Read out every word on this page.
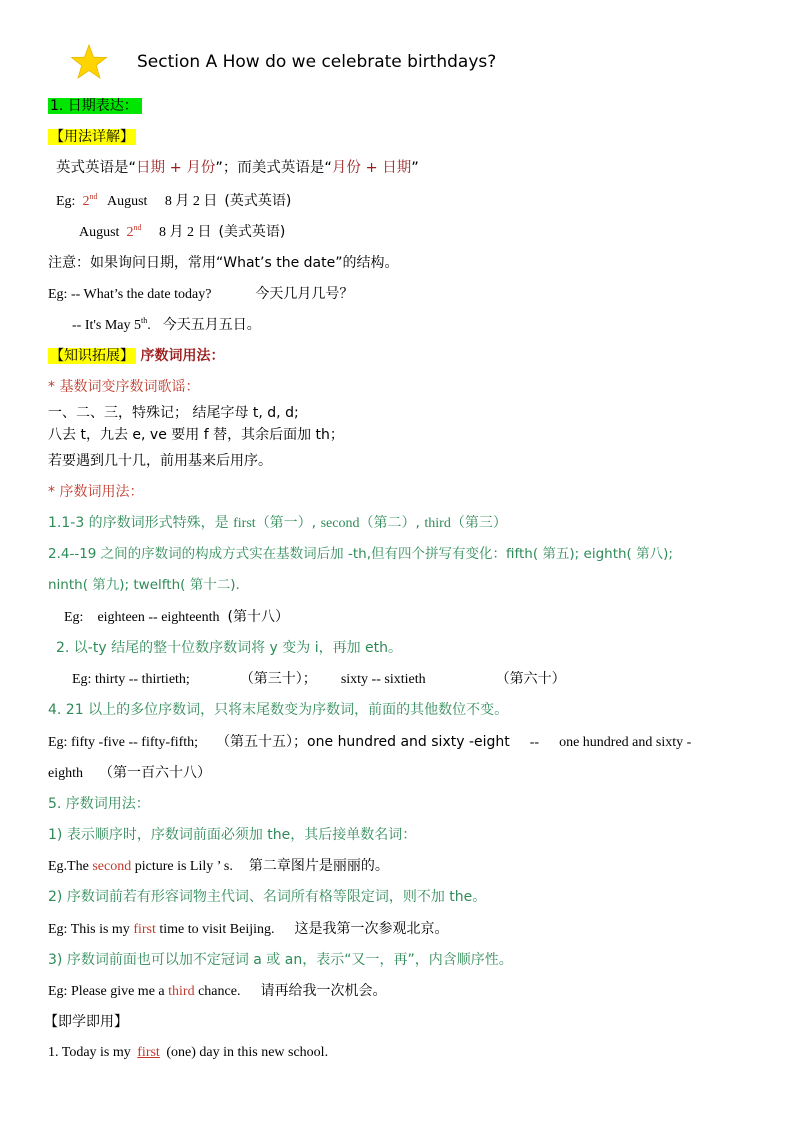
Section A How do we celebrate birthdays?
1. 日期表达：
【用法详解】
英式英语是“日期 + 月份”；而美式英语是“月份 + 日期”
Eg: 2nd August 8 月 2 日 (英式英语)
August 2nd 8 月 2 日 (美式英语)
注意：如果询问日期，常用“What’s the date”的结构。
Eg: -- What’s the date today?	今天几月几号？
-- It's May 5th. 今天五月五日。
【知识拓展】 序数词用法：
* 基数词变序数词歌谣：
一、二、三，特殊记； 结尾字母 t, d, d;
八去 t，九去 e, ve 要用 f 替，其余后面加 th；
若要遇到几十几，前用基来后用序。
* 序数词用法：
1.1-3 的序数词形式特殊，是 first（第一）, second（第二）, third（第三）
2.4--19 之间的序数词的构成方式实在基数词后加 -th,但有四个拼写有变化：fifth( 第五); eighth( 第八);
ninth( 第九); twelfth( 第十二).
Eg: eighteen -- eighteenth (第十八）
2. 以-ty 结尾的整十位数序数词将 y 变为 i，再加 eth。
Eg: thirty -- thirtieth;	（第三十）； sixty -- sixtieth	（第六十）
4. 21 以上的多位序数词，只将末尾数变为序数词，前面的其他数位不变。
Eg: fifty -five -- fifty-fifth; （第五十五）；one hundred and sixty -eight -- one hundred and sixty -
eighth （第一百六十八）
5. 序数词用法：
1) 表示顺序时，序数词前面必须加 the，其后接单数名词：
Eg.The second picture is Lily ’ s. 第二章图片是丽丽的。
2) 序数词前若有形容词物主代词、名词所有格等限定词，则不加 the。
Eg: This is my first time to visit Beijing. 这是我第一次参观北京。
3) 序数词前面也可以加不定冠词 a 或 an，表示“又一，再”，内含顺序性。
Eg: Please give me a third chance. 请再给我一次机会。
【即学即用】
1. Today is my first (one) day in this new school.
